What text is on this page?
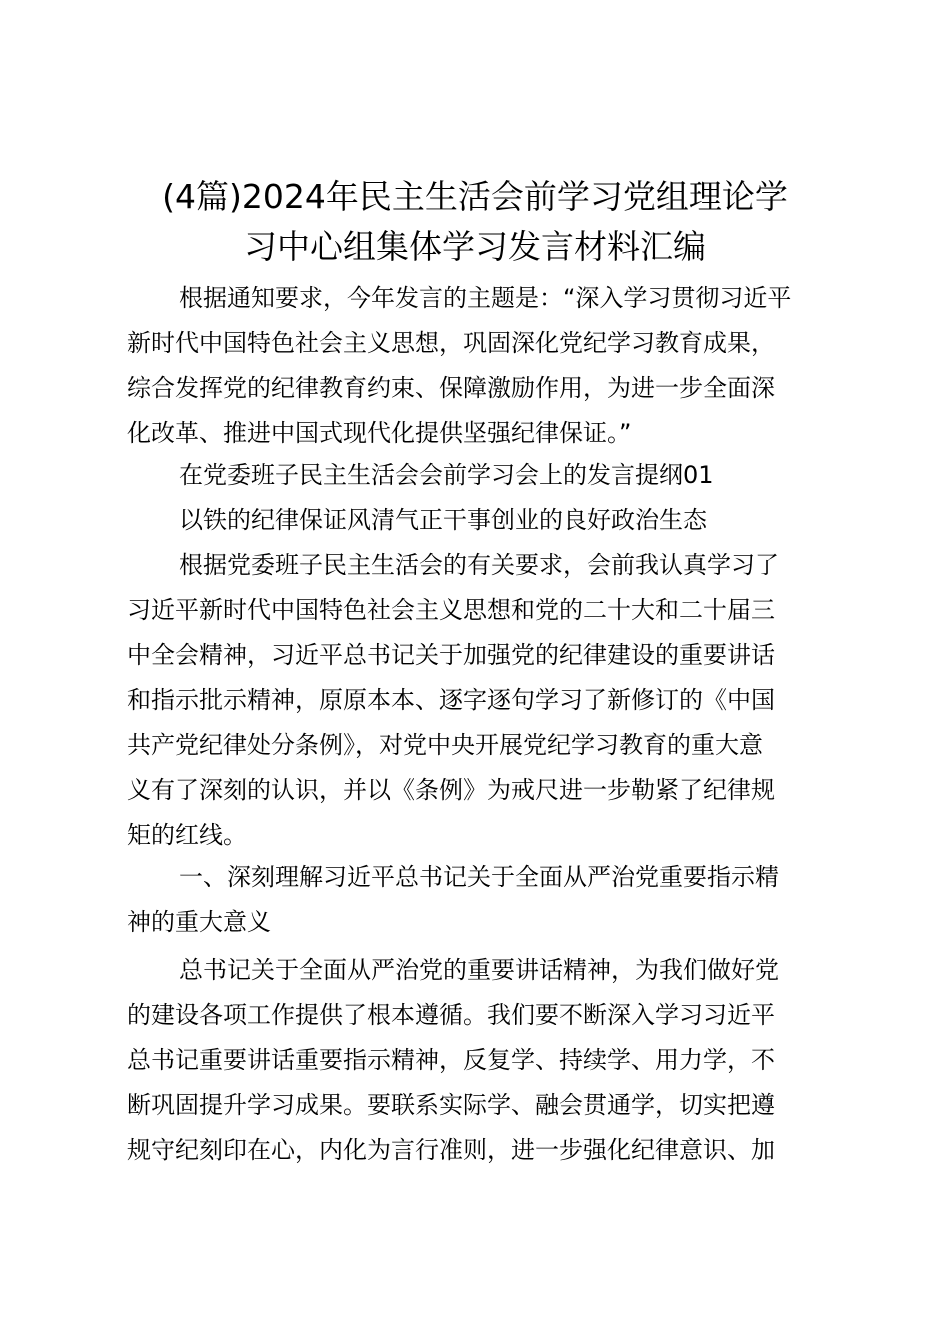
(4篇)2024年民主生活会前学习党组理论学
习中心组集体学习发言材料汇编
根据通知要求，今年发言的主题是：“深入学习贯彻习近平
新时代中国特色社会主义思想，巩固深化党纪学习教育成果，
综合发挥党的纪律教育约束、保障激励作用，为进一步全面深
化改革、推进中国式现代化提供坚强纪律保证。”
在党委班子民主生活会会前学习会上的发言提纲01
以铁的纪律保证风清气正干事创业的良好政治生态
根据党委班子民主生活会的有关要求，会前我认真学习了
习近平新时代中国特色社会主义思想和党的二十大和二十届三
中全会精神，习近平总书记关于加强党的纪律建设的重要讲话
和指示批示精神，原原本本、逐字逐句学习了新修订的《中国
共产党纪律处分条例》，对党中央开展党纪学习教育的重大意
义有了深刻的认识，并以《条例》为戒尺进一步勒紧了纪律规
矩的红线。
一、深刻理解习近平总书记关于全面从严治党重要指示精
神的重大意义
总书记关于全面从严治党的重要讲话精神，为我们做好党
的建设各项工作提供了根本遵循。我们要不断深入学习习近平
总书记重要讲话重要指示精神，反复学、持续学、用力学，不
断巩固提升学习成果。要联系实际学、融会贯通学，切实把遵
规守纪刻印在心，内化为言行准则，进一步强化纪律意识、加
